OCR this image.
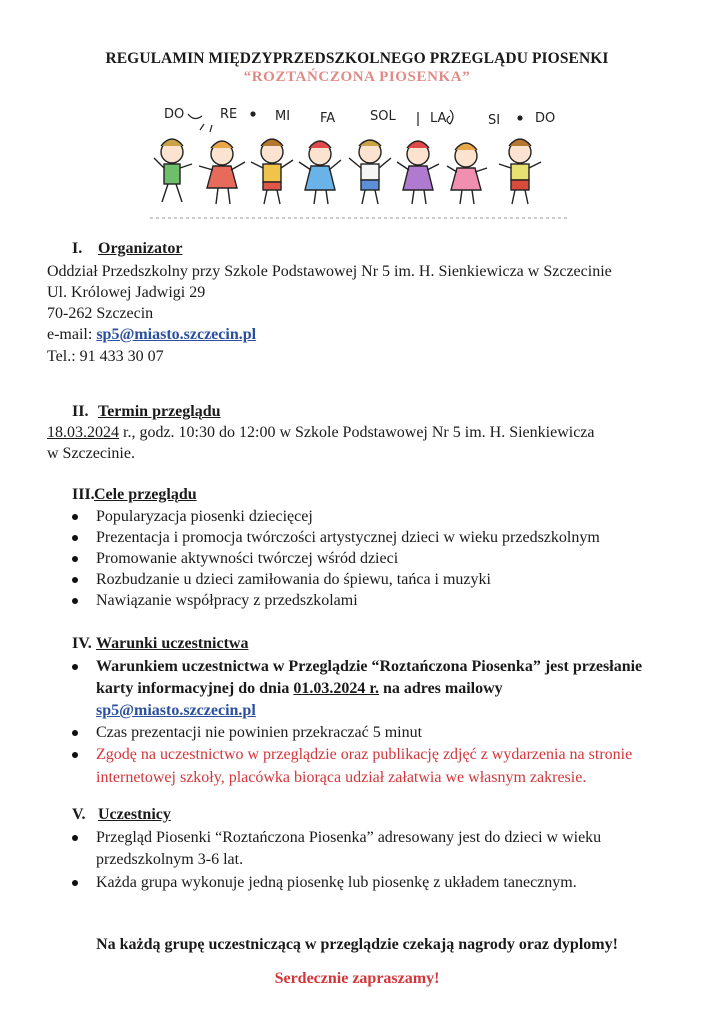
REGULAMIN MIĘDZYPRZEDSZKOLNEGO PRZEGLĄDU PIOSENKI
“ROZTAŃCZONA PIOSENKA”
DO	RE	MI FA	SOL	LA	SI	DO
I. Organizator
Oddział Przedszkolny przy Szkole Podstawowej Nr 5 im. H. Sienkiewicza w Szczecinie
Ul. Królowej Jadwigi 29
70-262 Szczecin
e-mail: sp5@miasto.szczecin.pl
Tel.: 91 433 30 07
II. Termin przeglądu
18.03.2024 r., godz. 10:30 do 12:00 w Szkole Podstawowej Nr 5 im. H. Sienkiewicza
w Szczecinie.
III.Cele przeglądu
Popularyzacja piosenki dziecięcej
Prezentacja i promocja twórczości artystycznej dzieci w wieku przedszkolnym
Promowanie aktywności twórczej wśród dzieci
Rozbudzanie u dzieci zamiłowania do śpiewu, tańca i muzyki
Nawiązanie współpracy z przedszkolami
IV. Warunki uczestnictwa
Warunkiem uczestnictwa w Przeglądzie “Roztańczona Piosenka” jest przesłanie
karty informacyjnej do dnia 01.03.2024 r. na adres mailowy
sp5@miasto.szczecin.pl
Czas prezentacji nie powinien przekraczać 5 minut
Zgodę na uczestnictwo w przeglądzie oraz publikację zdjęć z wydarzenia na stronie
internetowej szkoły, placówka biorąca udział załatwia we własnym zakresie.
V. Uczestnicy
Przegląd Piosenki “Roztańczona Piosenka” adresowany jest do dzieci w wieku
przedszkolnym 3-6 lat.
Każda grupa wykonuje jedną piosenkę lub piosenkę z układem tanecznym.
Na każdą grupę uczestniczącą w przeglądzie czekają nagrody oraz dyplomy!
Serdecznie zapraszamy!
